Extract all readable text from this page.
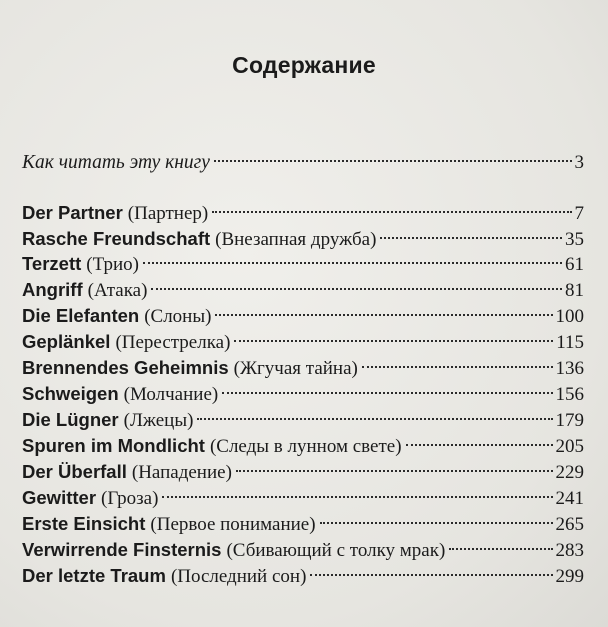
Содержание
Как читать эту книгу	3
Der Partner (Партнер)	7
Rasche Freundschaft (Внезапная дружба)	35
Terzett (Трио)	61
Angriff (Атака)	81
Die Elefanten (Слоны)	100
Geplänkel (Перестрелка)	115
Brennendes Geheimnis (Жгучая тайна)	136
Schweigen (Молчание)	156
Die Lügner (Лжецы)	179
Spuren im Mondlicht (Следы в лунном свете)	205
Der Überfall (Нападение)	229
Gewitter (Гроза)	241
Erste Einsicht (Первое понимание)	265
Verwirrende Finsternis (Сбивающий с толку мрак)	283
Der letzte Traum (Последний сон)	299
